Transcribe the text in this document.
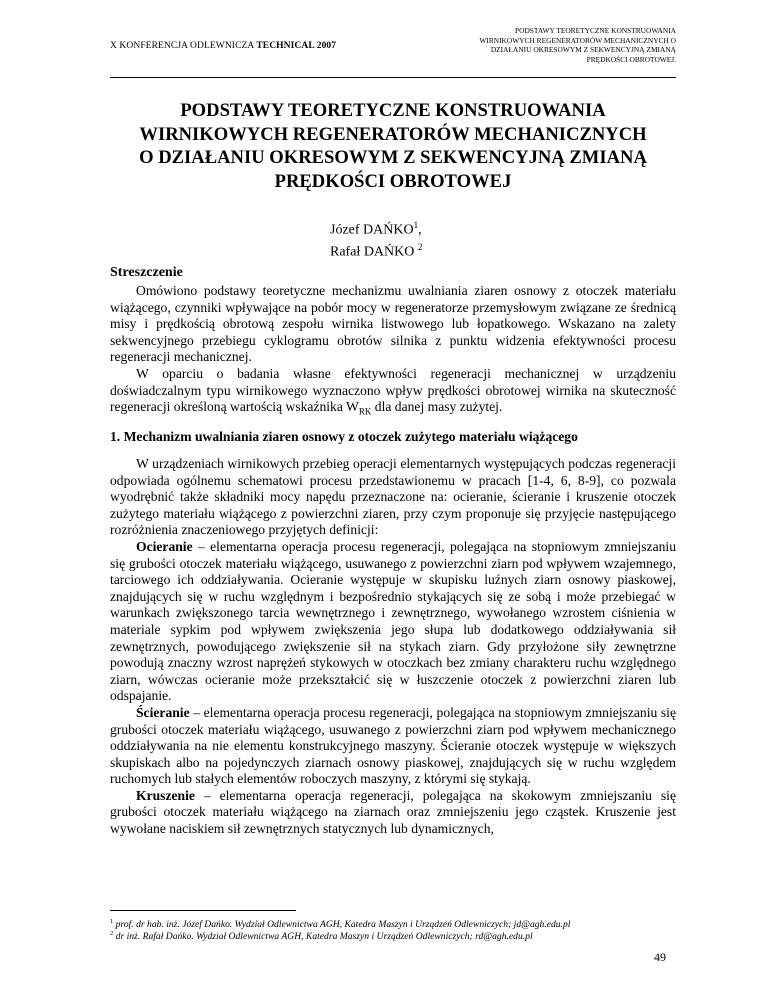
X KONFERENCJA ODLEWNICZA TECHNICAL 2007
PODSTAWY TEORETYCZNE KONSTRUOWANIA
WIRNIKOWYCH REGENERATORÓW MECHANICZNYCH O
DZIAŁANIU OKRESOWYM Z SEKWENCYJNĄ ZMIANĄ
PRĘDKOŚCI OBROTOWEJ.
PODSTAWY TEORETYCZNE KONSTRUOWANIA
WIRNIKOWYCH REGENERATORÓW MECHANICZNYCH
O DZIAŁANIU OKRESOWYM Z SEKWENCYJNĄ ZMIANĄ
PRĘDKOŚCI OBROTOWEJ
Józef DAŃKO$^1$,
Rafał DAŃKO $^2$
Streszczenie

Omówiono podstawy teoretyczne mechanizmu uwalniania ziaren osnowy z otoczek materiału wiążącego, czynniki wpływające na pobór mocy w regeneratorze przemysłowym związane ze średnicą misy i prędkością obrotową zespołu wirnika listwowego lub łopatkowego. Wskazano na zalety sekwencyjnego przebiegu cyklogramu obrotów silnika z punktu widzenia efektywności procesu regeneracji mechanicznej.

W oparciu o badania własne efektywności regeneracji mechanicznej w urządzeniu doświadczalnym typu wirnikowego wyznaczono wpływ prędkości obrotowej wirnika na skuteczność regeneracji określoną wartością wskaźnika $W_{RK}$ dla danej masy zużytej.

1. Mechanizm uwalniania ziaren osnowy z otoczek zużytego materiału wiążącego

W urządzeniach wirnikowych przebieg operacji elementarnych występujących podczas regeneracji odpowiada ogólnemu schematowi procesu przedstawionemu w pracach [1-4, 6, 8-9], co pozwala wyodrębnić także składniki mocy napędu przeznaczone na: ocieranie, ścieranie i kruszenie otoczek zużytego materiału wiążącego z powierzchni ziaren, przy czym proponuje się przyjęcie następującego rozróżnienia znaczeniowego przyjętych definicji:

Ocieranie – elementarna operacja procesu regeneracji, polegająca na stopniowym zmniejszaniu się grubości otoczek materiału wiążącego, usuwanego z powierzchni ziarn pod wpływem wzajemnego, tarciowego ich oddziaływania. Ocieranie występuje w skupisku luźnych ziarn osnowy piaskowej, znajdujących się w ruchu względnym i bezpośrednio stykających się ze sobą i może przebiegać w warunkach zwiększonego tarcia wewnętrznego i zewnętrznego, wywołanego wzrostem ciśnienia w materiale sypkim pod wpływem zwiększenia jego słupa lub dodatkowego oddziaływania sił zewnętrznych, powodującego zwiększenie sił na stykach ziarn. Gdy przyłożone siły zewnętrzne powodują znaczny wzrost naprężeń stykowych w otoczkach bez zmiany charakteru ruchu względnego ziarn, wówczas ocieranie może przekształcić się w łuszczenie otoczek z powierzchni ziaren lub odspajanie.

Ścieranie – elementarna operacja procesu regeneracji, polegająca na stopniowym zmniejszaniu się grubości otoczek materiału wiążącego, usuwanego z powierzchni ziarn pod wpływem mechanicznego oddziaływania na nie elementu konstrukcyjnego maszyny. Ścieranie otoczek występuje w większych skupiskach albo na pojedynczych ziarnach osnowy piaskowej, znajdujących się w ruchu względem ruchomych lub stałych elementów roboczych maszyny, z którymi się stykają.

Kruszenie – elementarna operacja regeneracji, polegająca na skokowym zmniejszaniu się grubości otoczek materiału wiążącego na ziarnach oraz zmniejszeniu jego cząstek. Kruszenie jest wywołane naciskiem sił zewnętrznych statycznych lub dynamicznych,

$^1$ prof. dr hab. inż. Józef Dańko. Wydział Odlewnictwa AGH, Katedra Maszyn i Urządzeń Odlewniczych; jd@agh.edu.pl
$^2$ dr inż. Rafał Dańko. Wydział Odlewnictwa AGH, Katedra Maszyn i Urządzeń Odlewniczych; rd@agh.edu.pl
49
